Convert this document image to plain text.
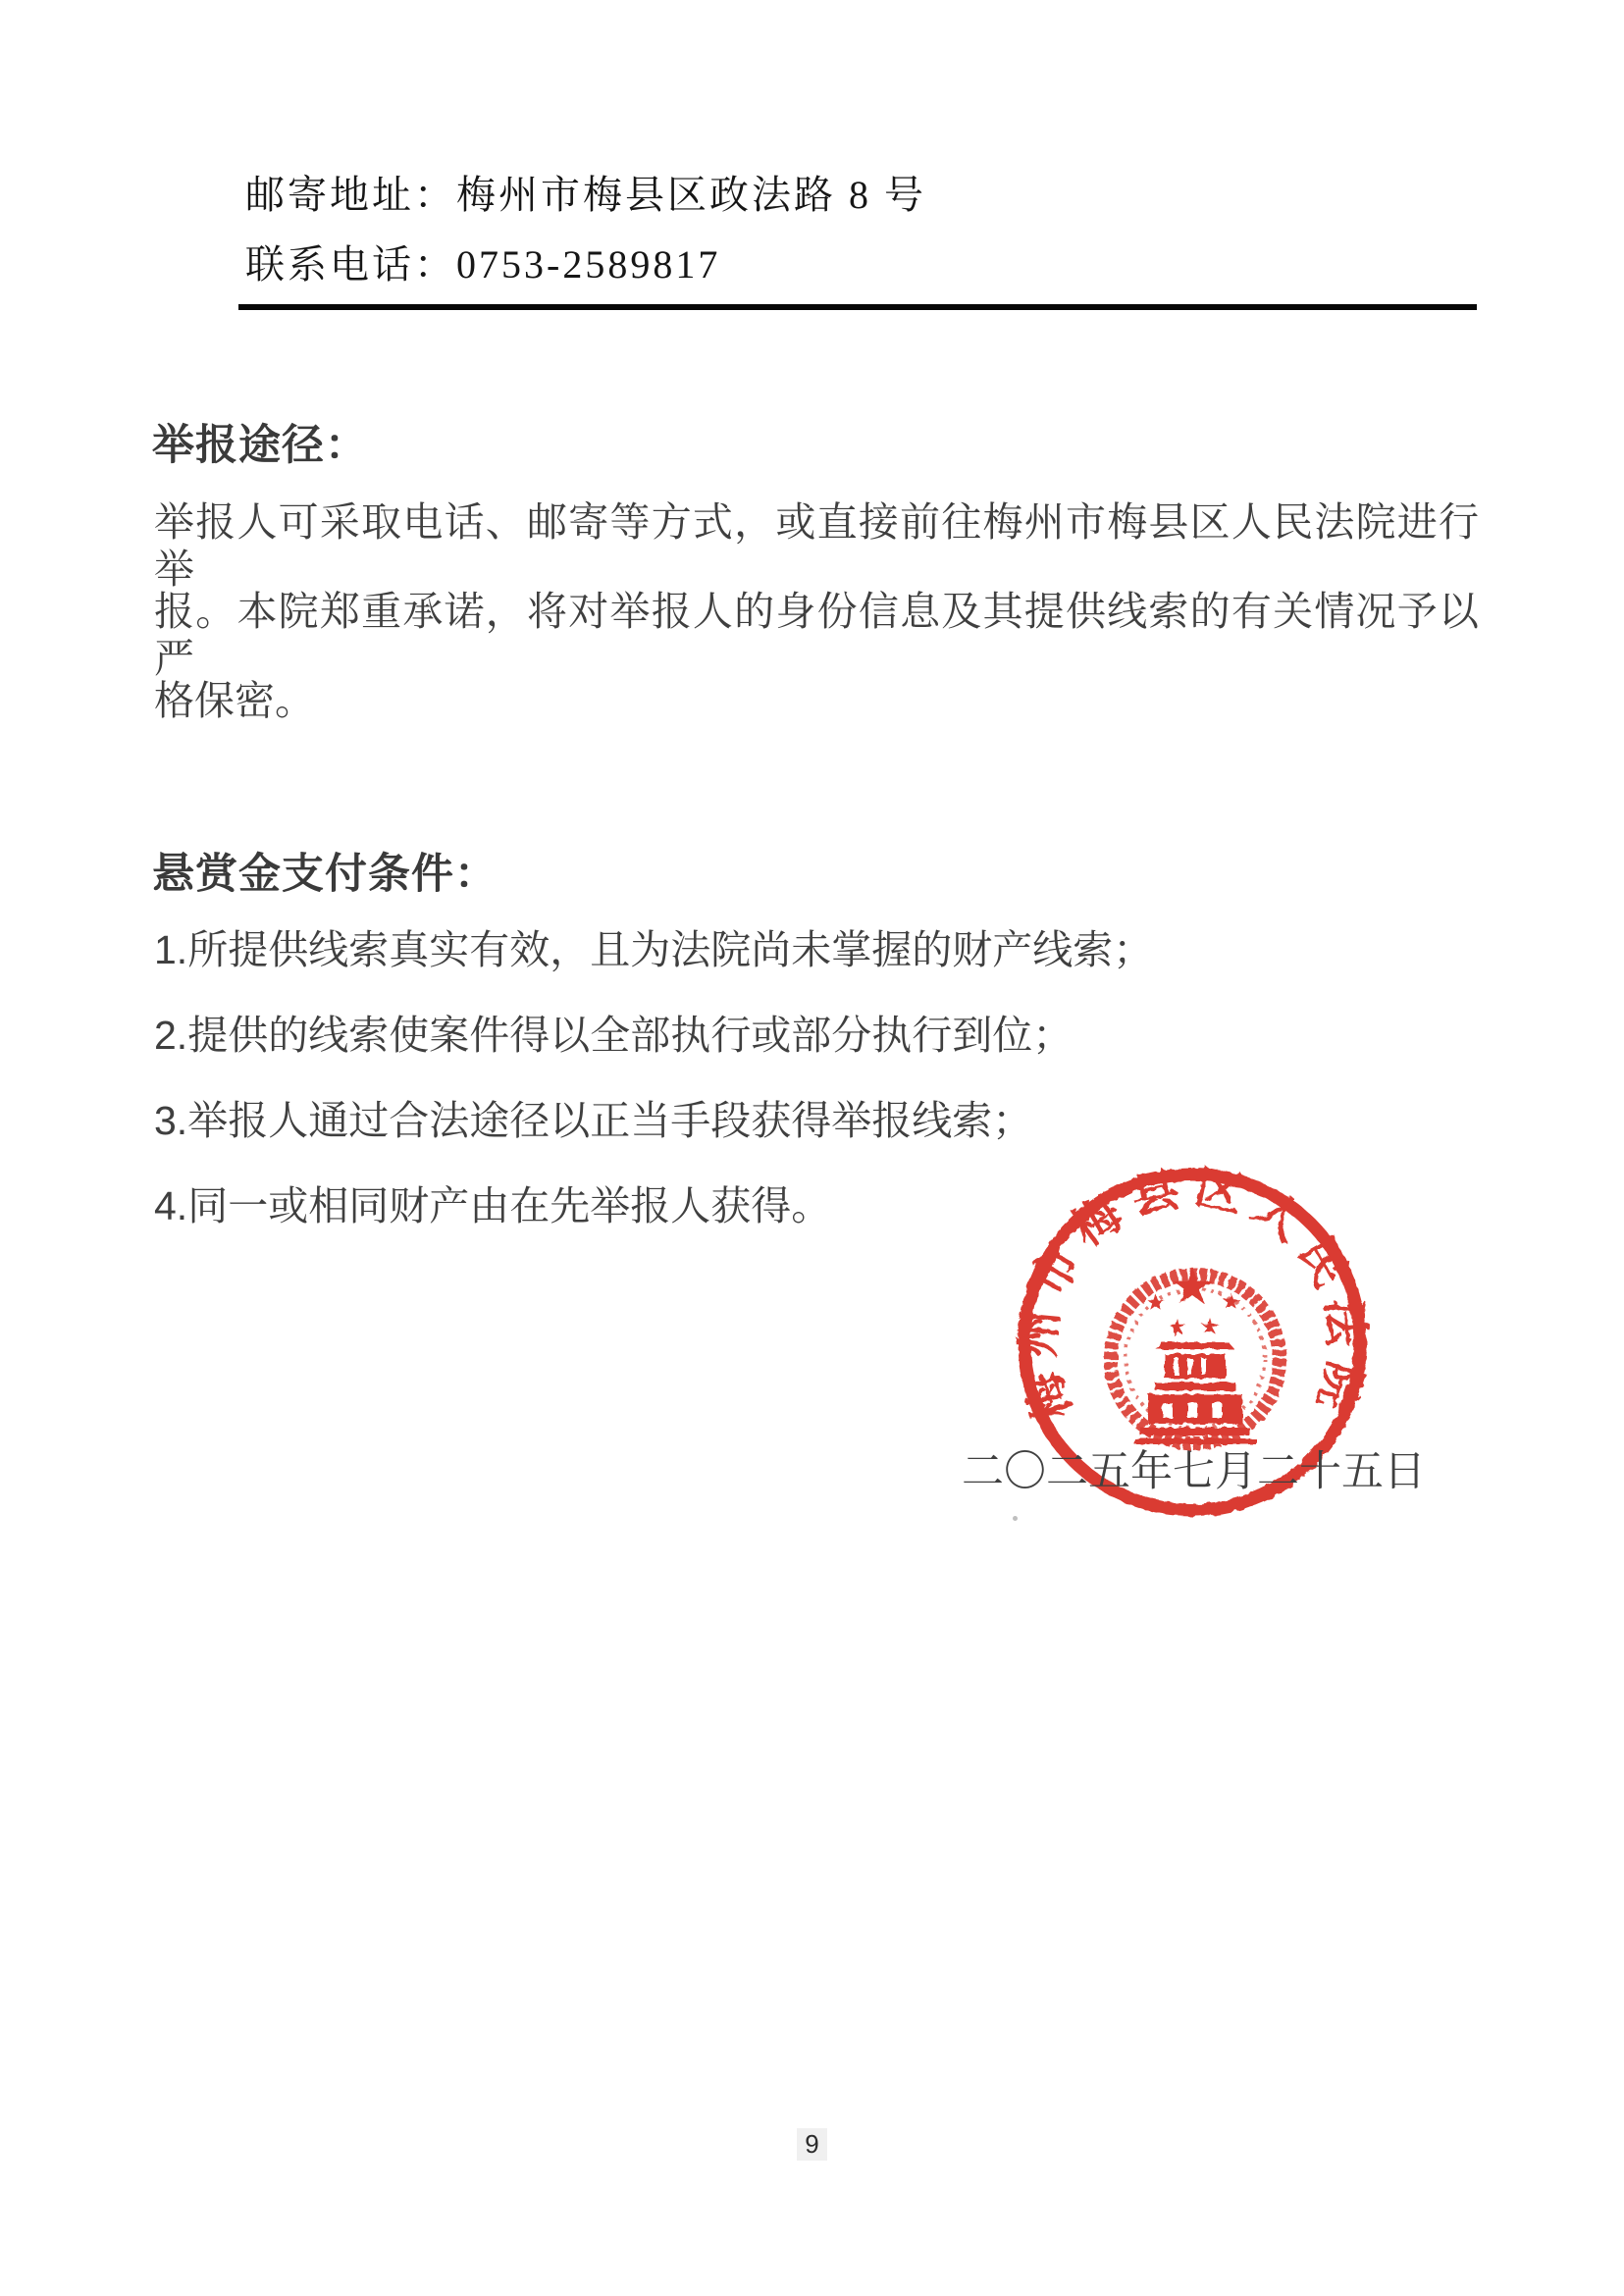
邮寄地址：梅州市梅县区政法路 8 号
联系电话：0753-2589817
举报途径：
举报人可采取电话、邮寄等方式，或直接前往梅州市梅县区人民法院进行举
报。本院郑重承诺，将对举报人的身份信息及其提供线索的有关情况予以严
格保密。
悬赏金支付条件：
1.所提供线索真实有效，且为法院尚未掌握的财产线索；
2.提供的线索使案件得以全部执行或部分执行到位；
3.举报人通过合法途径以正当手段获得举报线索；
4.同一或相同财产由在先举报人获得。
梅州市梅县区人民法院
二〇二五年七月二十五日
9
